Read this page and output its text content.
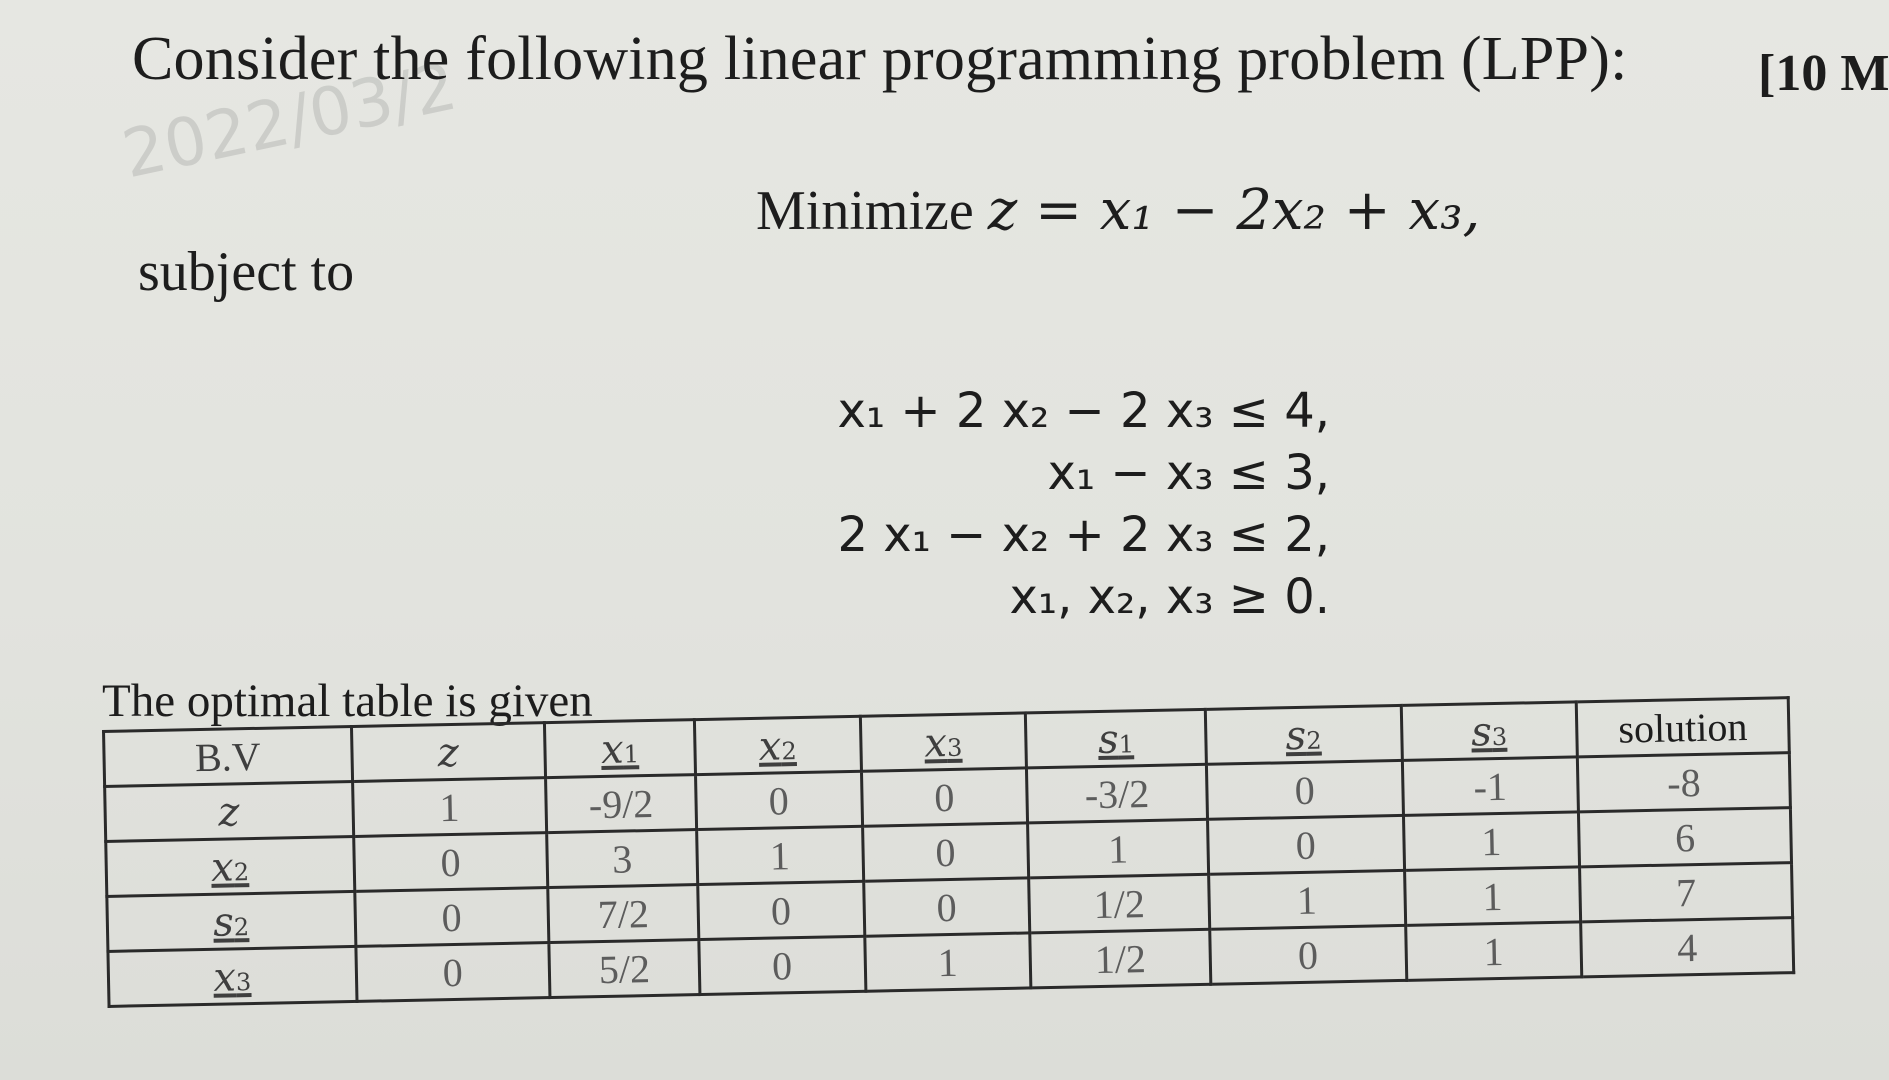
2022/03/2
Consider the following linear programming problem (LPP):	[10 M
Minimize z = x₁ − 2x₂ + x₃,
subject to
x₁ + 2 x₂ − 2 x₃ ≤ 4,
x₁ − x₃ ≤ 3,
2 x₁ − x₂ + 2 x₃ ≤ 2,
x₁, x₂, x₃ ≥ 0.
The optimal table is given
B.V	z	x1	x2	x3	s1	s2	s3	solution
z	1	-9/2	0	0	-3/2	0	-1	-8
x2	0	3	1	0	1	0	1	6
s2	0	7/2	0	0	1/2	1	1	7
x3	0	5/2	0	1	1/2	0	1	4
